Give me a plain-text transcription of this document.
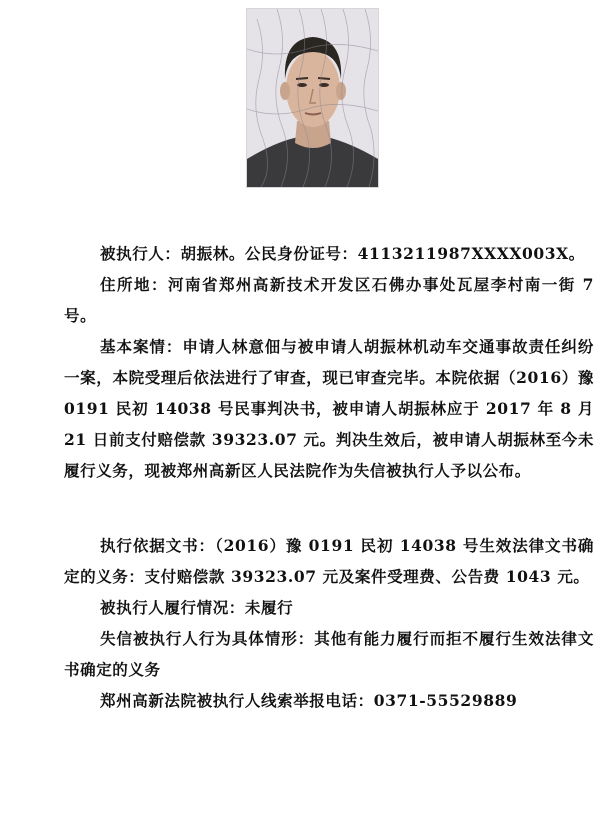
被执行人：胡振林。公民身份证号：4113211987XXXX003X。

住所地：河南省郑州高新技术开发区石佛办事处瓦屋李村南一街 7 号。

基本案情：申请人林意佃与被申请人胡振林机动车交通事故责任纠纷一案，本院受理后依法进行了审查，现已审查完毕。本院依据（2016）豫 0191 民初 14038 号民事判决书，被申请人胡振林应于 2017 年 8 月 21 日前支付赔偿款 39323.07 元。判决生效后，被申请人胡振林至今未履行义务，现被郑州高新区人民法院作为失信被执行人予以公布。

执行依据文书：（2016）豫 0191 民初 14038 号生效法律文书确定的义务：支付赔偿款 39323.07 元及案件受理费、公告费 1043 元。

被执行人履行情况：未履行

失信被执行人行为具体情形：其他有能力履行而拒不履行生效法律文书确定的义务

郑州高新法院被执行人线索举报电话：0371-55529889
